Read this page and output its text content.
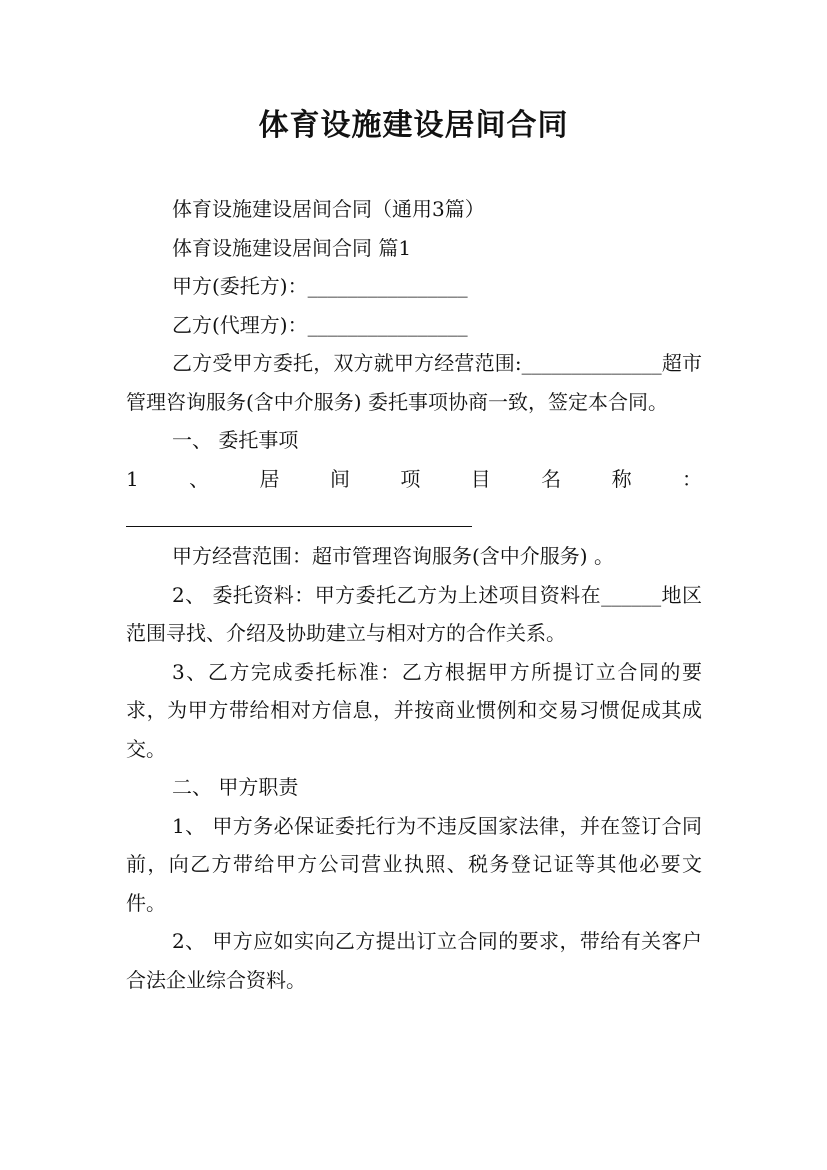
体育设施建设居间合同

体育设施建设居间合同（通用3篇）

体育设施建设居间合同 篇1

甲方(委托方)：________________

乙方(代理方)：________________

乙方受甲方委托，双方就甲方经营范围:______________超市管理咨询服务(含中介服务) 委托事项协商一致，签定本合同。

一、 委托事项

1	、	居	间	项	目	名	称	：

甲方经营范围：超市管理咨询服务(含中介服务) 。

2、 委托资料：甲方委托乙方为上述项目资料在______地区范围寻找、介绍及协助建立与相对方的合作关系。

3、乙方完成委托标准：乙方根据甲方所提订立合同的要求，为甲方带给相对方信息，并按商业惯例和交易习惯促成其成交。

二、 甲方职责

1、 甲方务必保证委托行为不违反国家法律，并在签订合同前，向乙方带给甲方公司营业执照、税务登记证等其他必要文件。

2、 甲方应如实向乙方提出订立合同的要求，带给有关客户合法企业综合资料。
